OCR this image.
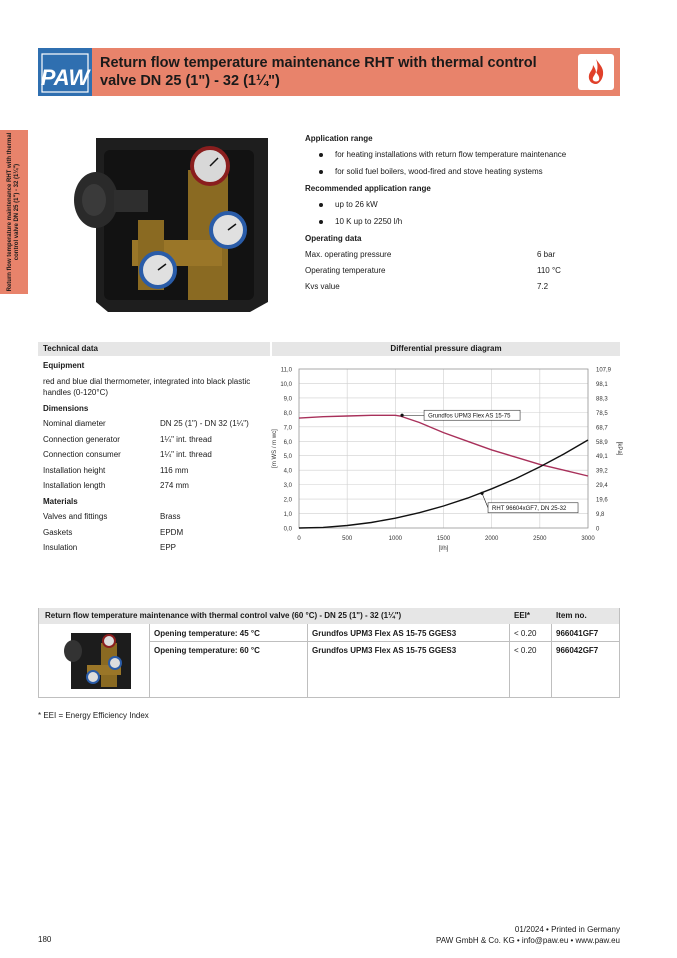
PAW
Return flow temperature maintenance RHT with thermal control valve DN 25 (1") - 32 (1¼")
Return flow temperature maintenance RHT with thermal control valve DN 25 (1") - 32 (1¼")
Application range
for heating installations with return flow temperature maintenance
for solid fuel boilers, wood-fired and stove heating systems
Recommended application range
up to 26 kW
10 K up to 2250 l/h
Operating data
Max. operating pressure	6 bar
Operating temperature	110 °C
Kvs value	7.2
Technical data	Differential pressure diagram
Equipment
red and blue dial thermometer, integrated into black plastic handles (0-120°C)
Dimensions
Nominal diameter	DN 25 (1") - DN 32 (1¼")
Connection generator	1¼" int. thread
Connection consumer	1¼" int. thread
Installation height	116 mm
Installation length	274 mm
Materials
Valves and fittings	Brass
Gaskets	EPDM
Insulation	EPP
0,0	0
1,0	9,8
2,0	19,6
3,0	29,4
4,0	39,2
5,0	49,1
6,0	58,9
7,0	68,7
8,0	78,5
9,0	88,3
10,0	98,1
11,0	107,9
0	500	1000	1500	2000	2500	3000
[l/h]
[m WS / m wc]	[kPa]
Grundfos UPM3 Flex AS 15-75
RHT 96604xGF7, DN 25-32
Return flow temperature maintenance with thermal control valve (60 °C) - DN 25 (1") - 32 (1¼")	EEI*	Item no.
Opening temperature: 45 °C	Grundfos UPM3 Flex AS 15-75 GGES3	< 0.20 966041GF7
Opening temperature: 60 °C	Grundfos UPM3 Flex AS 15-75 GGES3	< 0.20 966042GF7
* EEI = Energy Efficiency Index
180
01/2024 • Printed in Germany
PAW GmbH & Co. KG • info@paw.eu • www.paw.eu
